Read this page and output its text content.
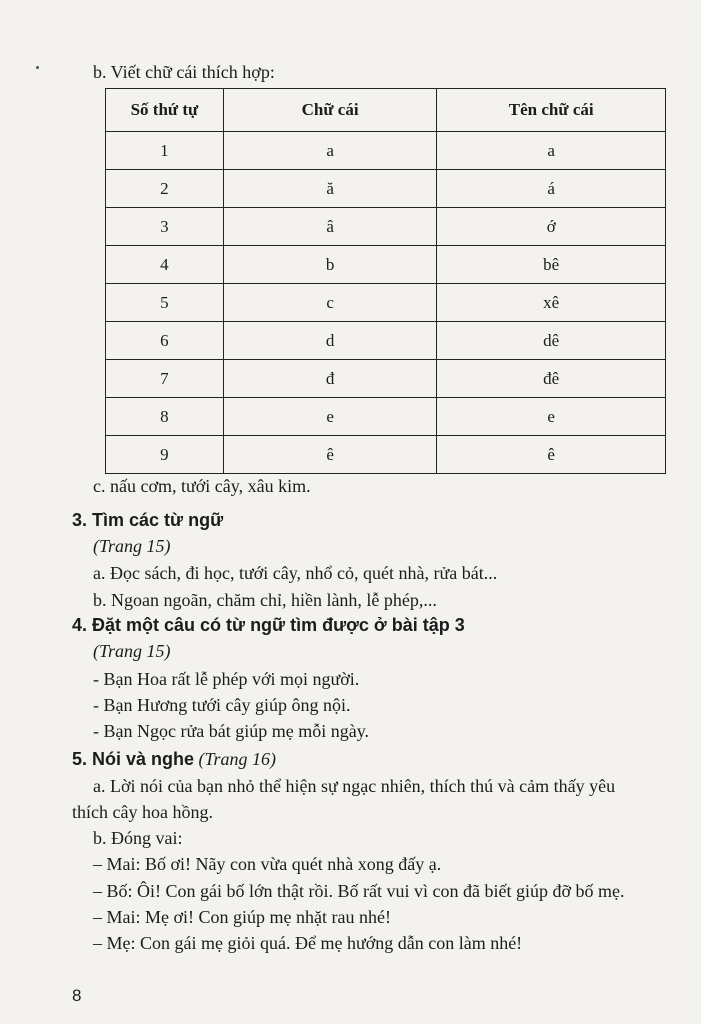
b. Viết chữ cái thích hợp:
Số thứ tự	Chữ cái	Tên chữ cái
1	a	a
2	ă	á
3	â	ớ
4	b	bê
5	c	xê
6	d	dê
7	đ	đê
8	e	e
9	ê	ê
c. nấu cơm, tưới cây, xâu kim.
3. Tìm các từ ngữ
(Trang 15)
a. Đọc sách, đi học, tưới cây, nhổ cỏ, quét nhà, rửa bát...
b. Ngoan ngoãn, chăm chỉ, hiền lành, lễ phép,...
4. Đặt một câu có từ ngữ tìm được ở bài tập 3
(Trang 15)
- Bạn Hoa rất lễ phép với mọi người.
- Bạn Hương tưới cây giúp ông nội.
- Bạn Ngọc rửa bát giúp mẹ mỗi ngày.
5. Nói và nghe (Trang 16)
a. Lời nói của bạn nhỏ thể hiện sự ngạc nhiên, thích thú và cảm thấy yêu
thích cây hoa hồng.
b. Đóng vai:
– Mai: Bố ơi! Nãy con vừa quét nhà xong đấy ạ.
– Bố: Ôi! Con gái bố lớn thật rồi. Bố rất vui vì con đã biết giúp đỡ bố mẹ.
– Mai: Mẹ ơi! Con giúp mẹ nhặt rau nhé!
– Mẹ: Con gái mẹ giỏi quá. Để mẹ hướng dẫn con làm nhé!
8
